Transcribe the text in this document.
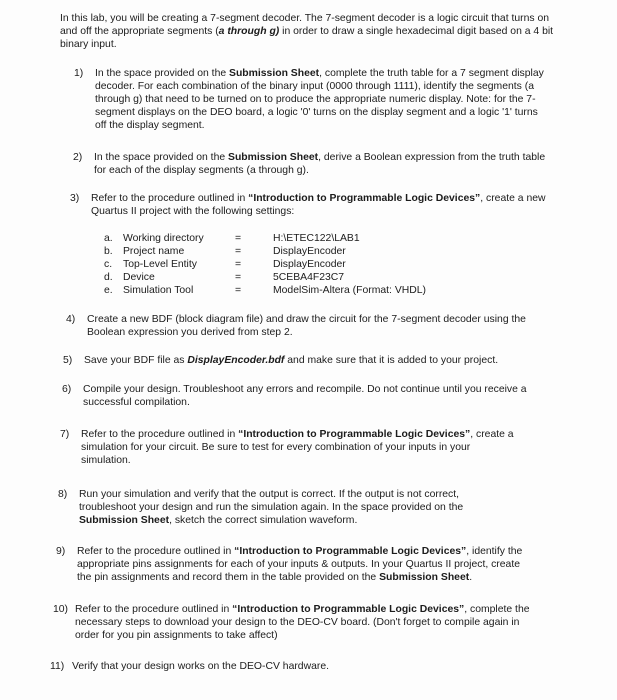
In this lab, you will be creating a 7-segment decoder. The 7-segment decoder is a logic circuit that turns on and off the appropriate segments (a through g) in order to draw a single hexadecimal digit based on a 4 bit binary input.
1) In the space provided on the Submission Sheet, complete the truth table for a 7 segment display decoder. For each combination of the binary input (0000 through 1111), identify the segments (a through g) that need to be turned on to produce the appropriate numeric display. Note: for the 7-segment displays on the DEO board, a logic '0' turns on the display segment and a logic '1' turns off the display segment.
2) In the space provided on the Submission Sheet, derive a Boolean expression from the truth table for each of the display segments (a through g).
3) Refer to the procedure outlined in “Introduction to Programmable Logic Devices”, create a new Quartus II project with the following settings:
a. Working directory	=	H:\ETEC122\LAB1
b. Project name	=	DisplayEncoder
c. Top-Level Entity	=	DisplayEncoder
d. Device	=	5CEBA4F23C7
e. Simulation Tool	=	ModelSim-Altera (Format: VHDL)
4) Create a new BDF (block diagram file) and draw the circuit for the 7-segment decoder using the Boolean expression you derived from step 2.
5) Save your BDF file as DisplayEncoder.bdf and make sure that it is added to your project.
6) Compile your design. Troubleshoot any errors and recompile. Do not continue until you receive a successful compilation.
7) Refer to the procedure outlined in “Introduction to Programmable Logic Devices”, create a simulation for your circuit. Be sure to test for every combination of your inputs in your simulation.
8) Run your simulation and verify that the output is correct. If the output is not correct, troubleshoot your design and run the simulation again. In the space provided on the Submission Sheet, sketch the correct simulation waveform.
9) Refer to the procedure outlined in “Introduction to Programmable Logic Devices”, identify the appropriate pins assignments for each of your inputs & outputs. In your Quartus II project, create the pin assignments and record them in the table provided on the Submission Sheet.
10) Refer to the procedure outlined in “Introduction to Programmable Logic Devices”, complete the necessary steps to download your design to the DEO-CV board. (Don't forget to compile again in order for you pin assignments to take affect)
11) Verify that your design works on the DEO-CV hardware.
